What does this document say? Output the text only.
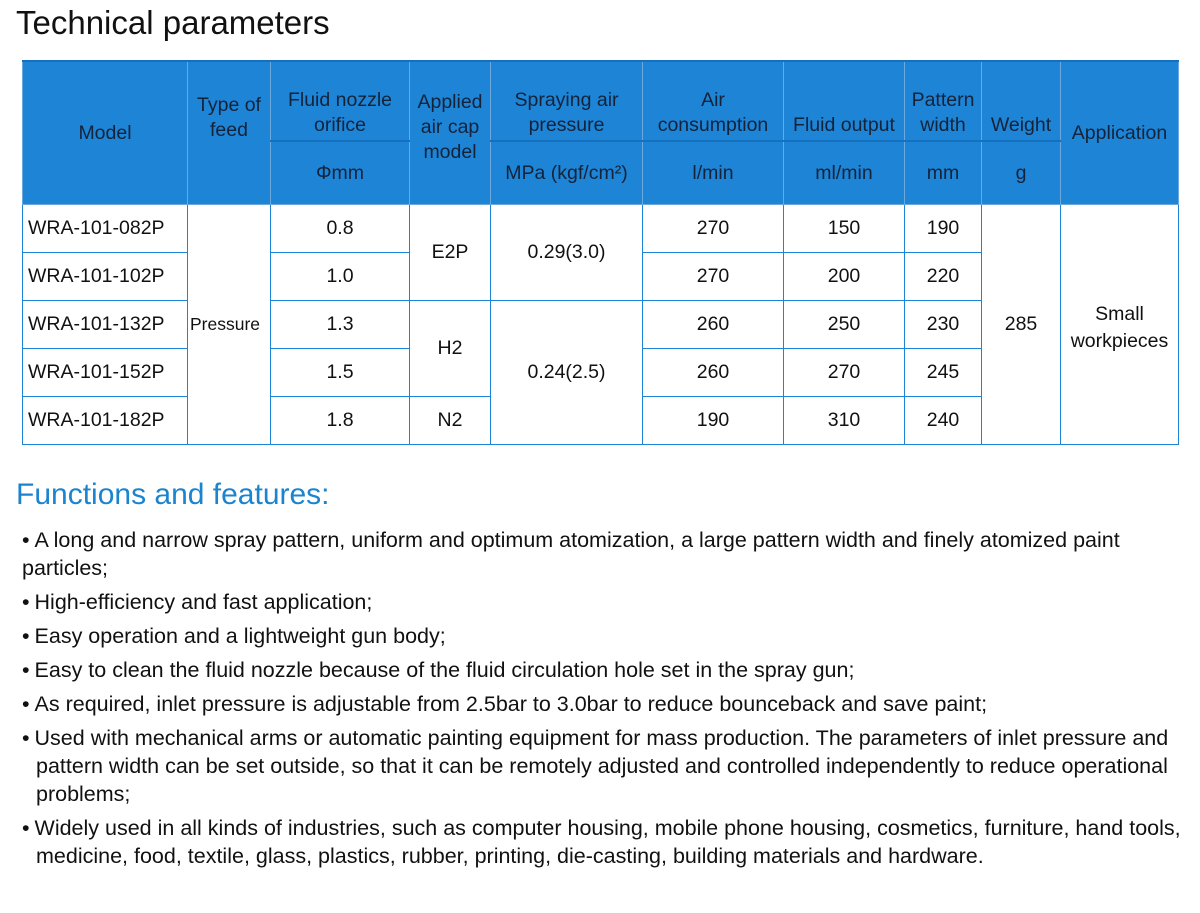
Technical parameters
Model	Type of feed	Fluid nozzle orifice	Applied air cap model	Spraying air pressure	Air consumption	Fluid output	Pattern width	Weight	Application
		Φmm		MPa (kgf/cm²)	l/min	ml/min	mm	g	
WRA-101-082P	Pressure	0.8	E2P	0.29(3.0)	270	150	190	285	Small workpieces
WRA-101-102P		1.0			270	200	220		
WRA-101-132P		1.3	H2	0.24(2.5)	260	250	230		
WRA-101-152P		1.5			260	270	245		
WRA-101-182P		1.8	N2		190	310	240		
Functions and features:
• A long and narrow spray pattern, uniform and optimum atomization, a large pattern width and finely atomized paint particles;
• High-efficiency and fast application;
• Easy operation and a lightweight gun body;
• Easy to clean the fluid nozzle because of the fluid circulation hole set in the spray gun;
• As required, inlet pressure is adjustable from 2.5bar to 3.0bar to reduce bounceback and save paint;
• Used with mechanical arms or automatic painting equipment for mass production. The parameters of inlet pressure and pattern width can be set outside, so that it can be remotely adjusted and controlled independently to reduce operational problems;
• Widely used in all kinds of industries, such as computer housing, mobile phone housing, cosmetics, furniture, hand tools, medicine, food, textile, glass, plastics, rubber, printing, die-casting, building materials and hardware.
